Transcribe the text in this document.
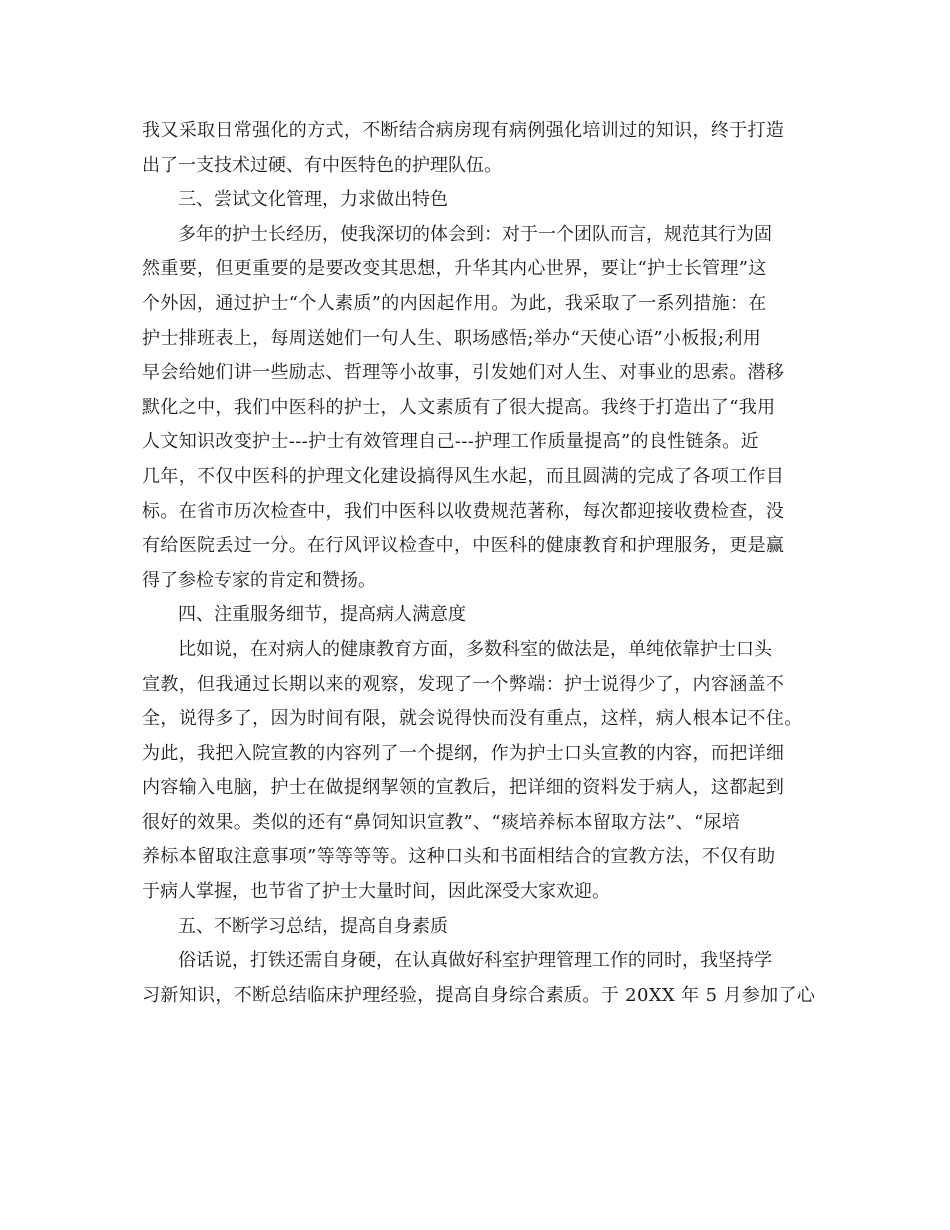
我又采取日常强化的方式，不断结合病房现有病例强化培训过的知识，终于打造
出了一支技术过硬、有中医特色的护理队伍。
三、尝试文化管理，力求做出特色
多年的护士长经历，使我深切的体会到：对于一个团队而言，规范其行为固
然重要，但更重要的是要改变其思想，升华其内心世界，要让“护士长管理”这
个外因，通过护士“个人素质”的内因起作用。为此，我采取了一系列措施：在
护士排班表上，每周送她们一句人生、职场感悟;举办“天使心语”小板报;利用
早会给她们讲一些励志、哲理等小故事，引发她们对人生、对事业的思索。潜移
默化之中，我们中医科的护士，人文素质有了很大提高。我终于打造出了“我用
人文知识改变护士---护士有效管理自己---护理工作质量提高”的良性链条。近
几年，不仅中医科的护理文化建设搞得风生水起，而且圆满的完成了各项工作目
标。在省市历次检查中，我们中医科以收费规范著称，每次都迎接收费检查，没
有给医院丢过一分。在行风评议检查中，中医科的健康教育和护理服务，更是赢
得了参检专家的肯定和赞扬。
四、注重服务细节，提高病人满意度
比如说，在对病人的健康教育方面，多数科室的做法是，单纯依靠护士口头
宣教，但我通过长期以来的观察，发现了一个弊端：护士说得少了，内容涵盖不
全，说得多了，因为时间有限，就会说得快而没有重点，这样，病人根本记不住。
为此，我把入院宣教的内容列了一个提纲，作为护士口头宣教的内容，而把详细
内容输入电脑，护士在做提纲挈领的宣教后，把详细的资料发于病人，这都起到
很好的效果。类似的还有“鼻饲知识宣教”、“痰培养标本留取方法”、“尿培
养标本留取注意事项”等等等等。这种口头和书面相结合的宣教方法，不仅有助
于病人掌握，也节省了护士大量时间，因此深受大家欢迎。
五、不断学习总结，提高自身素质
俗话说，打铁还需自身硬，在认真做好科室护理管理工作的同时，我坚持学
习新知识，不断总结临床护理经验，提高自身综合素质。于 20XX 年 5 月参加了心
